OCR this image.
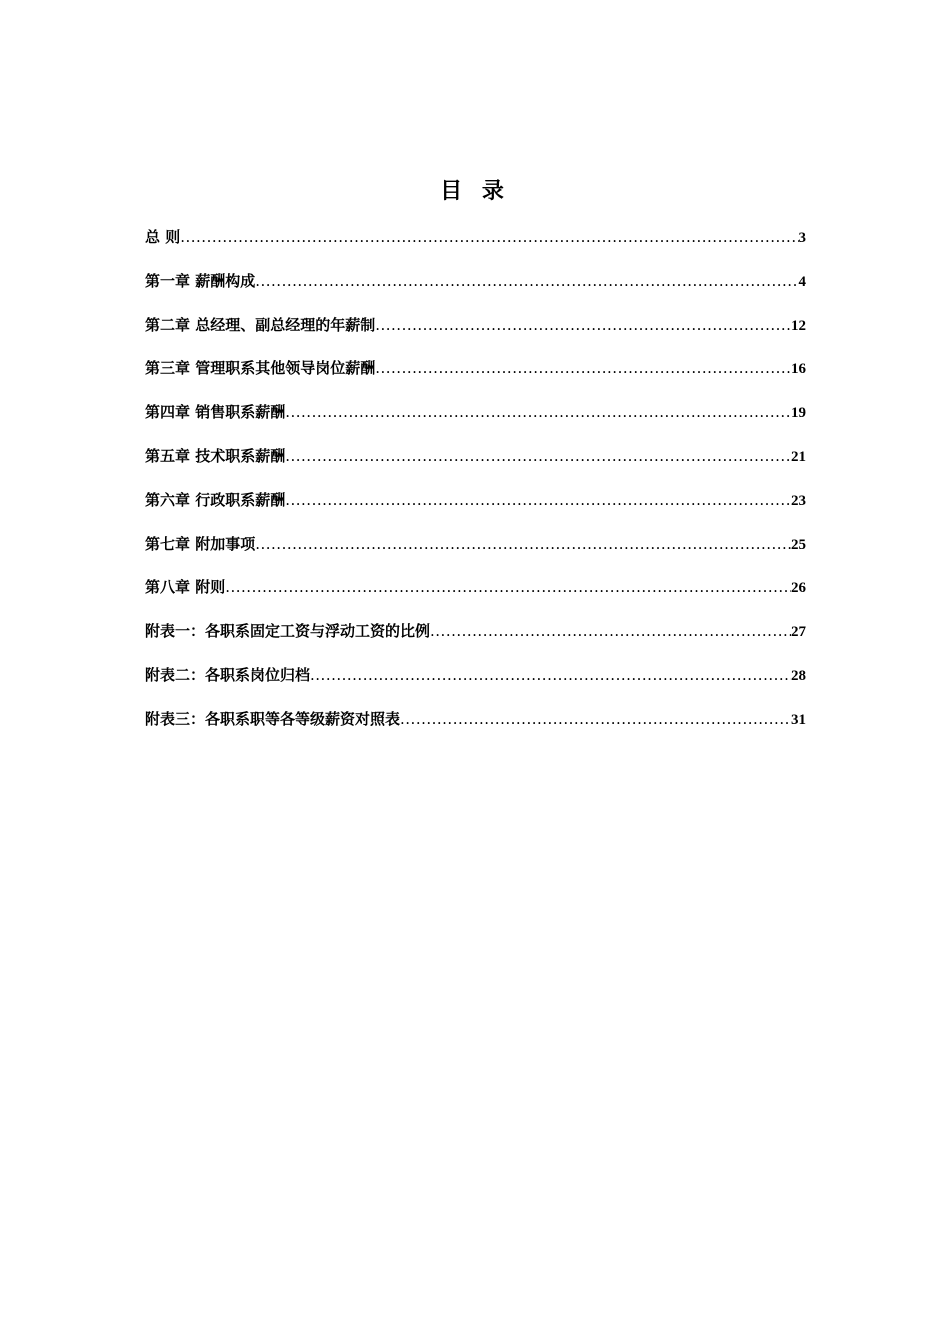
目 录
总 则 .....	3
第一章 薪酬构成 .....	4
第二章 总经理、副总经理的年薪制 .....	12
第三章 管理职系其他领导岗位薪酬 .....	16
第四章 销售职系薪酬 .....	19
第五章 技术职系薪酬 .....	21
第六章 行政职系薪酬 .....	23
第七章 附加事项 .....	25
第八章 附则 .....	26
附表一：各职系固定工资与浮动工资的比例 .....	27
附表二：各职系岗位归档 .....	28
附表三：各职系职等各等级薪资对照表 .....	31
